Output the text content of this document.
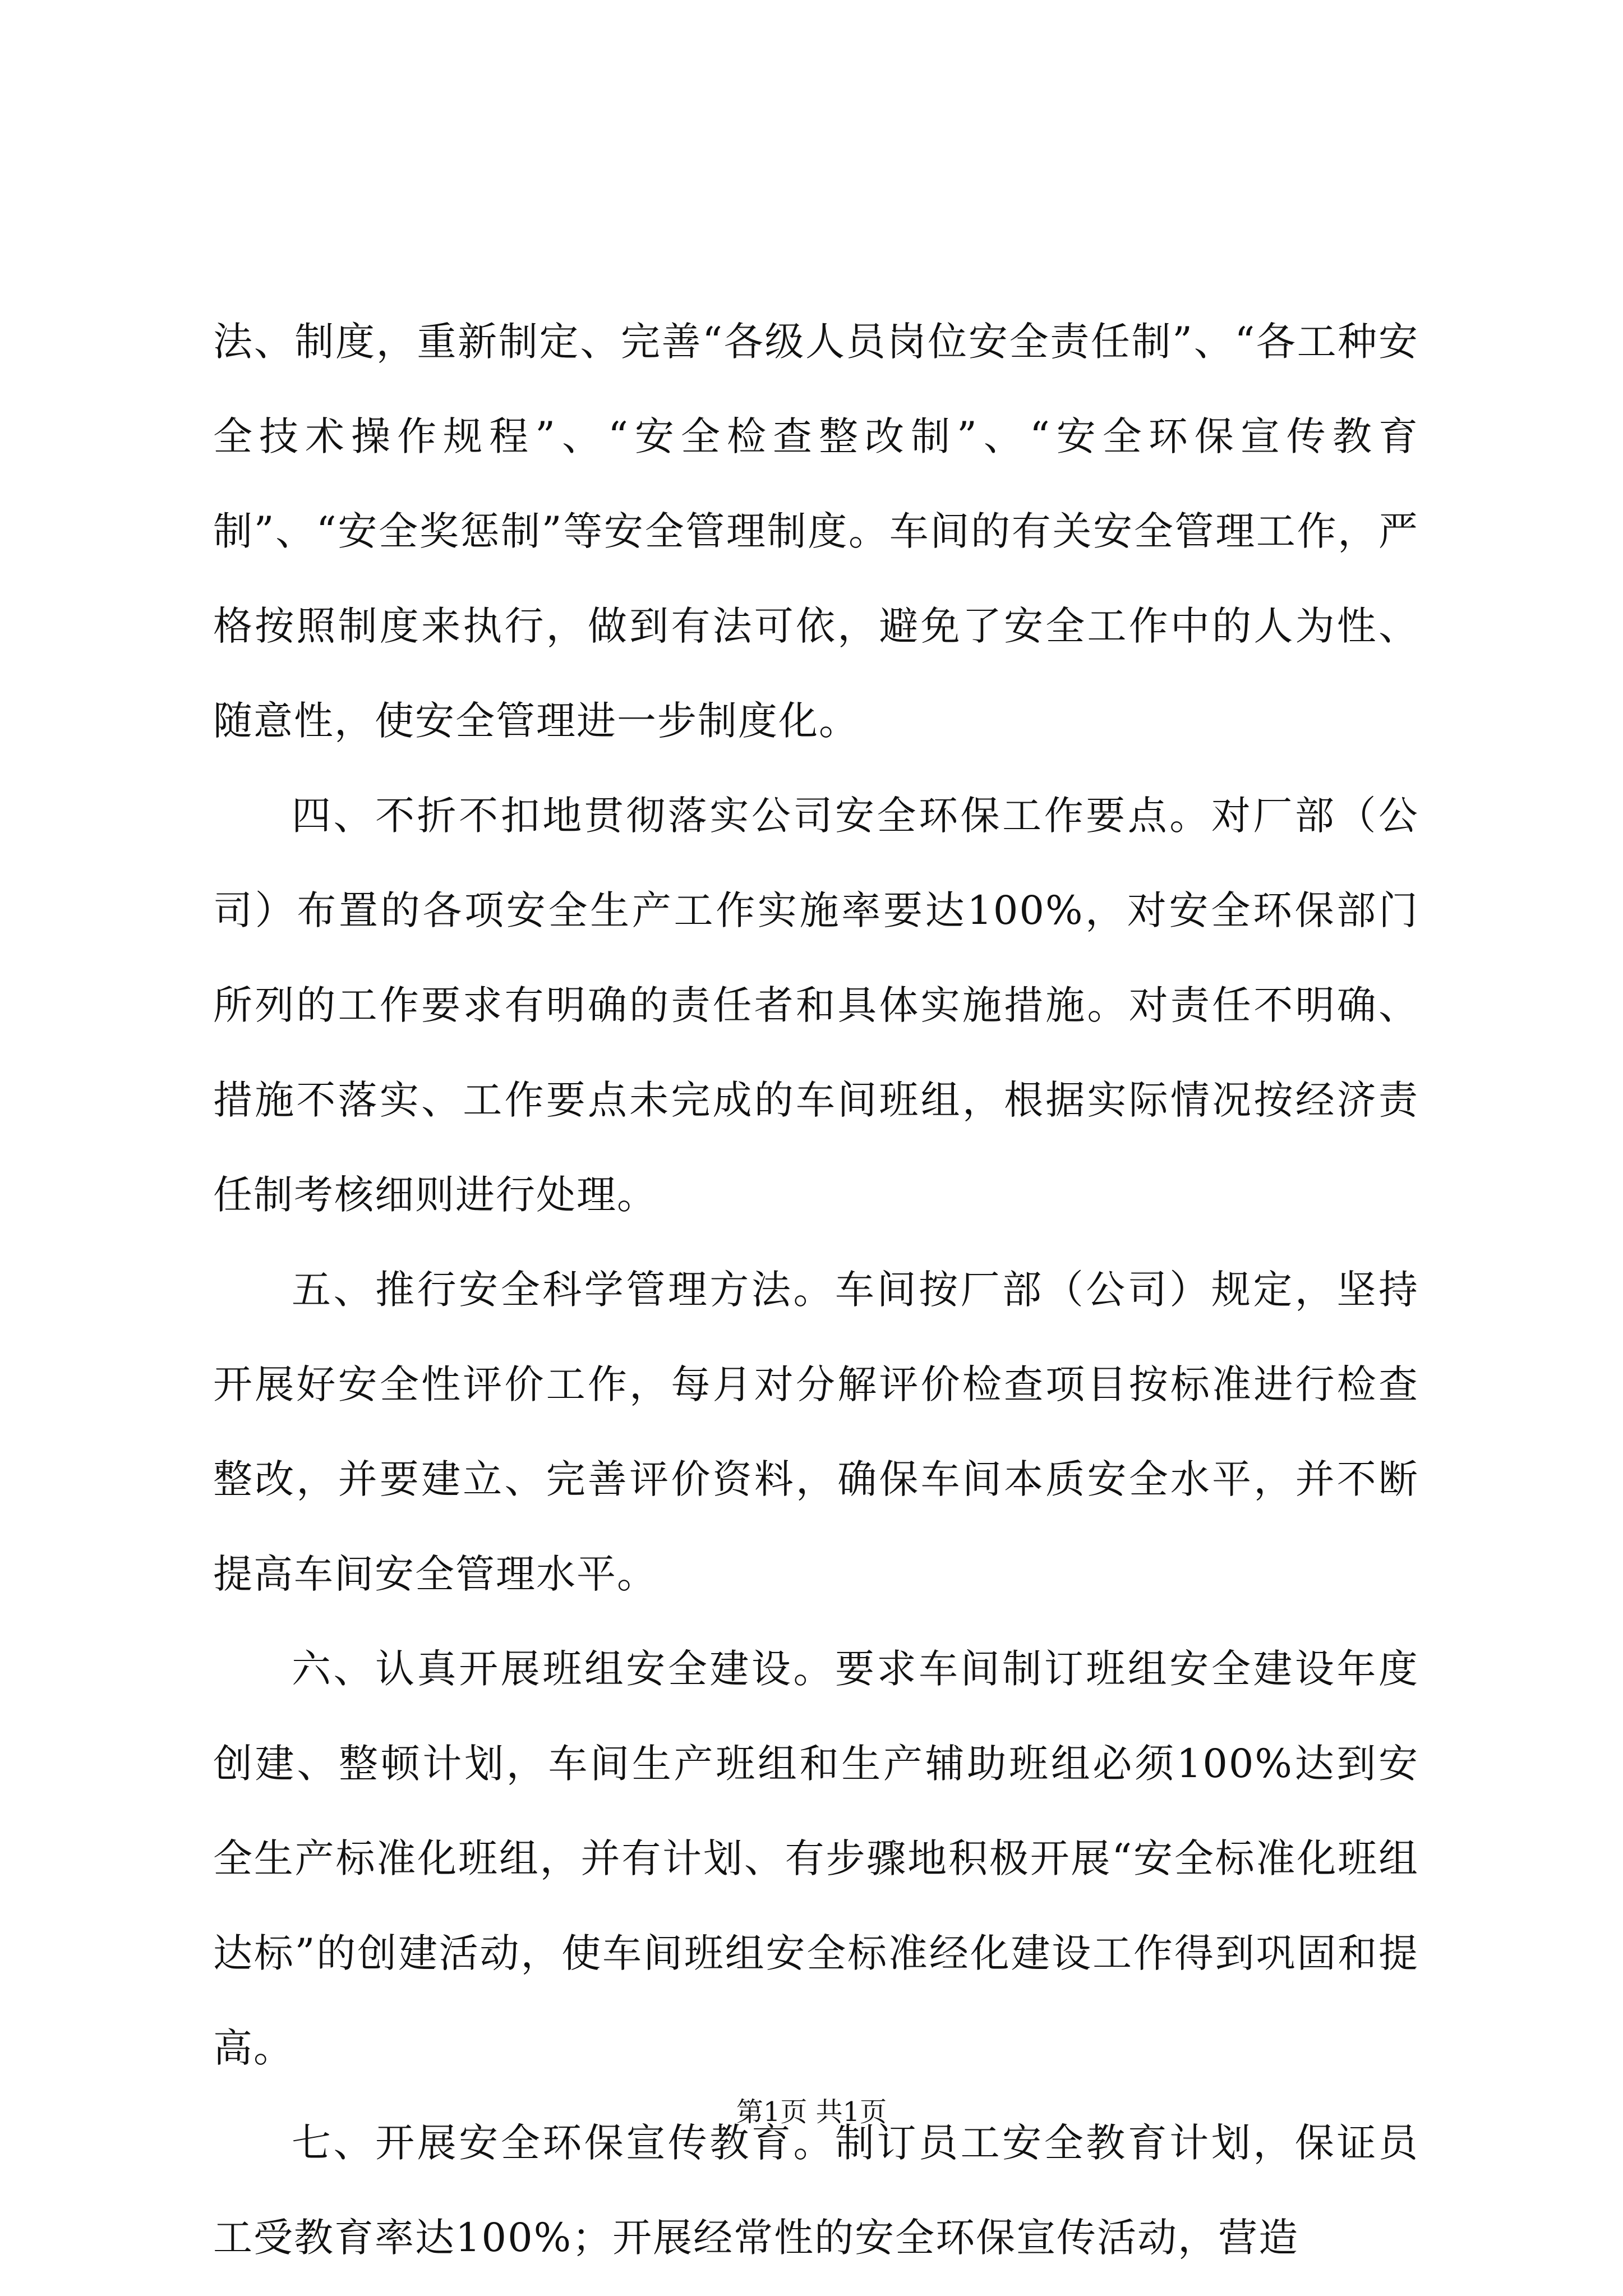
法、制度，重新制定、完善“各级人员岗位安全责任制”、“各工种安全技术操作规程”、“安全检查整改制”、“安全环保宣传教育制”、“安全奖惩制”等安全管理制度。车间的有关安全管理工作，严格按照制度来执行，做到有法可依，避免了安全工作中的人为性、随意性，使安全管理进一步制度化。

四、不折不扣地贯彻落实公司安全环保工作要点。对厂部（公司）布置的各项安全生产工作实施率要达100%，对安全环保部门所列的工作要求有明确的责任者和具体实施措施。对责任不明确、措施不落实、工作要点未完成的车间班组，根据实际情况按经济责任制考核细则进行处理。

五、推行安全科学管理方法。车间按厂部（公司）规定，坚持开展好安全性评价工作，每月对分解评价检查项目按标准进行检查整改，并要建立、完善评价资料，确保车间本质安全水平，并不断提高车间安全管理水平。

六、认真开展班组安全建设。要求车间制订班组安全建设年度创建、整顿计划，车间生产班组和生产辅助班组必须100%达到安全生产标准化班组，并有计划、有步骤地积极开展“安全标准化班组达标”的创建活动，使车间班组安全标准经化建设工作得到巩固和提高。

七、开展安全环保宣传教育。制订员工安全教育计划，保证员工受教育率达100%；开展经常性的安全环保宣传活动，营造

第1页 共1页
